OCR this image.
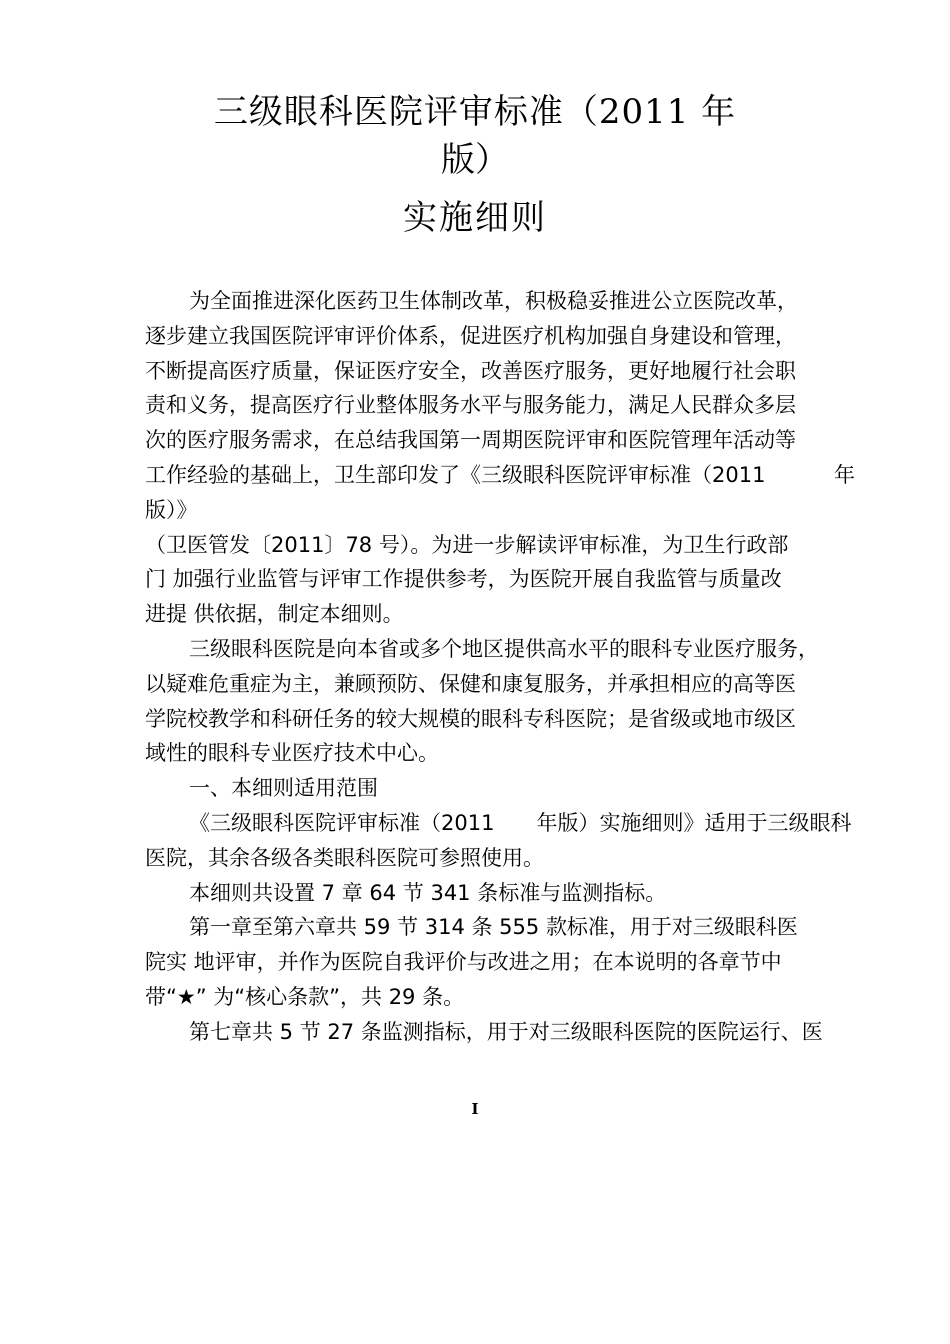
三级眼科医院评审标准（2011 年
版）
实施细则
为全面推进深化医药卫生体制改革，积极稳妥推进公立医院改革，
逐步建立我国医院评审评价体系，促进医疗机构加强自身建设和管理，
不断提高医疗质量，保证医疗安全，改善医疗服务，更好地履行社会职
责和义务，提高医疗行业整体服务水平与服务能力，满足人民群众多层
次的医疗服务需求，在总结我国第一周期医院评审和医院管理年活动等
工作经验的基础上，卫生部印发了《三级眼科医院评审标准（2011	年
版）》
（卫医管发〔2011〕78 号）。为进一步解读评审标准，为卫生行政部
门 加强行业监管与评审工作提供参考，为医院开展自我监管与质量改
进提 供依据，制定本细则。
三级眼科医院是向本省或多个地区提供高水平的眼科专业医疗服务，
以疑难危重症为主，兼顾预防、保健和康复服务，并承担相应的高等医
学院校教学和科研任务的较大规模的眼科专科医院；是省级或地市级区
域性的眼科专业医疗技术中心。
一、本细则适用范围
《三级眼科医院评审标准（2011　　年版）实施细则》适用于三级眼科
医院，其余各级各类眼科医院可参照使用。
本细则共设置 7 章 64 节 341 条标准与监测指标。
第一章至第六章共 59 节 314 条 555 款标准，用于对三级眼科医
院实 地评审，并作为医院自我评价与改进之用；在本说明的各章节中
带“★” 为“核心条款”，共 29 条。
第七章共 5 节 27 条监测指标，用于对三级眼科医院的医院运行、医
I
